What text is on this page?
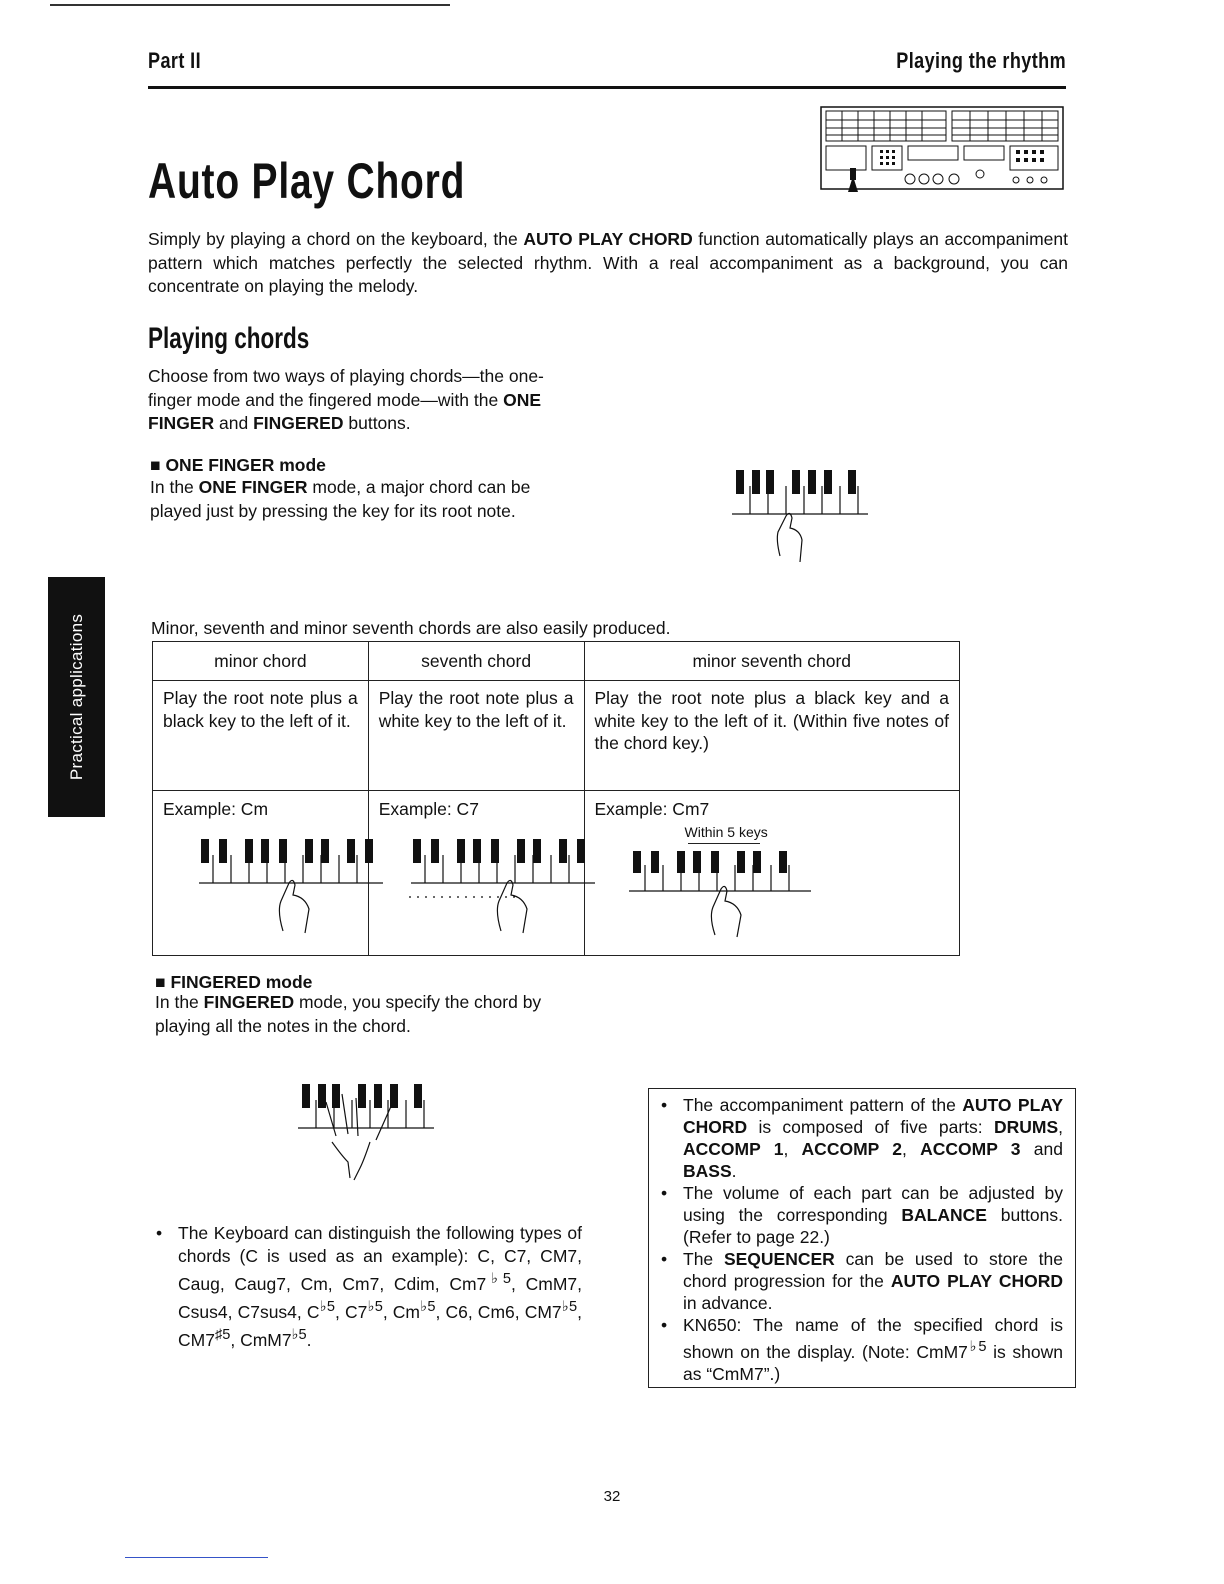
Part II	Playing the rhythm
Auto Play Chord
Simply by playing a chord on the keyboard, the AUTO PLAY CHORD function automatically plays an accompaniment pattern which matches perfectly the selected rhythm. With a real accompaniment as a background, you can concentrate on playing the melody.
Playing chords
Choose from two ways of playing chords—the one-finger mode and the fingered mode—with the ONE FINGER and FINGERED buttons.
■ ONE FINGER mode
In the ONE FINGER mode, a major chord can be played just by pressing the key for its root note.
Minor, seventh and minor seventh chords are also easily produced.
minor chord	seventh chord	minor seventh chord
Play the root note plus a black key to the left of it.	Play the root note plus a white key to the left of it.	Play the root note plus a black key and a white key to the left of it. (Within five notes of the chord key.)
Example: Cm	Example: C7	Example: Cm7
Within 5 keys
■ FINGERED mode
In the FINGERED mode, you specify the chord by playing all the notes in the chord.
• The Keyboard can distinguish the following types of chords (C is used as an example): C, C7, CM7, Caug, Caug7, Cm, Cm7, Cdim, $Cm7^{♭5}$, CmM7, Csus4, C7sus4, $C^{♭5}$, $C7^{♭5}$, $Cm^{♭5}$, C6, Cm6, $CM7^{♭5}$, $CM7^{♯5}$, $CmM7^{♭5}$.
• The accompaniment pattern of the AUTO PLAY CHORD is composed of five parts: DRUMS, ACCOMP 1, ACCOMP 2, ACCOMP 3 and BASS.
• The volume of each part can be adjusted by using the corresponding BALANCE buttons. (Refer to page 22.)
• The SEQUENCER can be used to store the chord progression for the AUTO PLAY CHORD in advance.
• KN650: The name of the specified chord is shown on the display. (Note: $CmM7^{♭5}$ is shown as “CmM7”.)
Practical applications
32
